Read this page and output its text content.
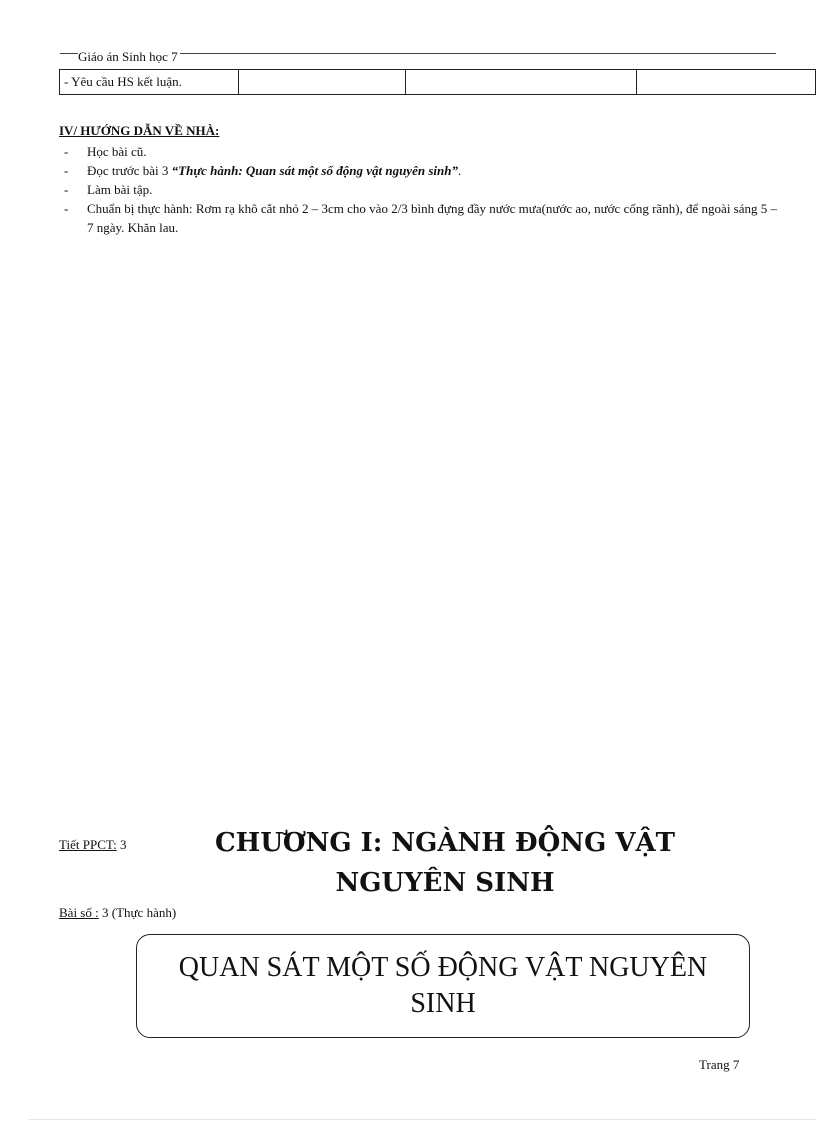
Giáo án Sinh học 7
- Yêu cầu HS kết luận.			
IV/ HƯỚNG DẪN VỀ NHÀ:
- Học bài cũ.
- Đọc trước bài 3 “Thực hành: Quan sát một số động vật nguyên sinh”.
- Làm bài tập.
- Chuẩn bị thực hành: Rơm rạ khô cắt nhỏ 2 – 3cm cho vào 2/3 bình đựng đầy nước mưa(nước ao, nước cống rãnh), để ngoài sáng 5 – 7 ngày. Khăn lau.
Tiết PPCT: 3	CHƯƠNG I: NGÀNH ĐỘNG VẬT
NGUYÊN SINH
Bài số : 3 (Thực hành)
QUAN SÁT MỘT SỐ ĐỘNG VẬT NGUYÊN SINH
Trang 7
